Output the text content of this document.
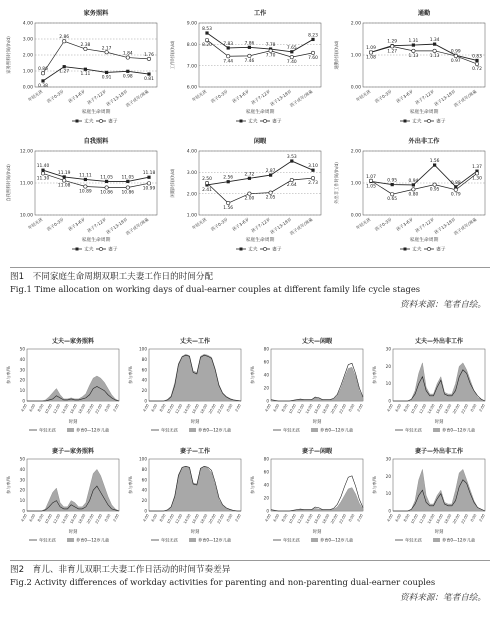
家务照料
0.00
1.00
2.00
3.00
4.00
家务照料时间/(h/d)
年轻无孩 孩子0-3岁 孩子3-6岁 孩子7-12岁
孩子13-18岁
孩子成年/离巢
家庭生命周期
丈夫	妻子
0.38
1.27
1.11
0.91	0.98
0.81
0.86
2.86
2.38
2.17
1.84	1.76
工作
6.00
7.00
8.00
9.00
工作时间/(h/d)
年轻无孩 孩子0-3岁 孩子3-6岁 孩子7-12岁
孩子13-18岁
孩子成年/离巢
家庭生命周期
丈夫	妻子
8.53
7.83	7.86	7.78
7.65
8.23
8.20
7.44	7.46
7.70
7.40
7.60
通勤
0.00
1.00
2.00
通勤时间/(h/d)
年轻无孩 孩子0-3岁 孩子3-6岁 孩子7-12岁
孩子13-18岁
孩子成年/离巢
家庭生命周期
丈夫	妻子
1.09
1.29	1.31	1.34
0.99
0.83
1.08
1.27
1.13	1.13
0.97
0.72
自我照料
10.00
11.00
12.00
自我照料时间/(h/d)
年轻无孩 孩子0-3岁 孩子3-6岁 孩子7-12岁
孩子13-18岁
孩子成年/离巢
家庭生命周期
丈夫	妻子
11.40
11.19
11.11 11.05 11.05
11.18
11.30
11.08
10.89 10.86 10.86
10.99
闲暇
1.00
2.00
3.00
4.00
闲暇时间/(h/d)
年轻无孩 孩子0-3岁 孩子3-6岁 孩子7-12岁
孩子13-18岁
孩子成年/离巢
家庭生命周期
丈夫	妻子
2.41
2.56
2.72
2.87
3.53
3.10
2.50
1.56
2.00	2.05
2.64	2.73
外出非工作
0.00
1.00
2.00
外出非工作时间/(h/d)
年轻无孩 孩子0-3岁 孩子3-6岁 孩子7-12岁
孩子13-18岁
孩子成年/离巢
家庭生命周期
丈夫	妻子
1.05
0.95	0.94
1.56
0.88
1.37
1.07
0.65
0.80
0.95
0.79
1.30
图1　不同家庭生命周期双职工夫妻工作日的时间分配
Fig.1 Time allocation on working days of dual-earner couples at different family life cycle stages
资料来源：笔者自绘。
丈夫—家务照料
0
10
20
30
40
50
参与率/%
4:00 6:00 8:00 10:00 12:00 14:00 16:00 18:00 20:00 22:00 0:00 2:00
时刻
年轻无孩	养育0—12岁儿童
丈夫—工作
0
20
40
60
80
100
参与率/%
4:00 6:00 8:00 10:00 12:00 14:00 16:00 18:00 20:00 22:00 0:00 2:00
时刻
年轻无孩	养育0—12岁儿童
丈夫—闲暇
0
20
40
60
80
参与率/%
4:00 6:00 8:00 10:00 12:00 14:00 16:00 18:00 20:00 22:00 0:00 2:00
时刻
年轻无孩	养育0—12岁儿童
丈夫—外出非工作
0
10
20
30
参与率/%
4:00 6:00 8:00 10:00 12:00 14:00 16:00 18:00 20:00 22:00 0:00 2:00
时刻
年轻无孩	养育0—12岁儿童
妻子—家务照料
0
10
20
30
40
50
参与率/%
4:00 6:00 8:00 10:00 12:00 14:00 16:00 18:00 20:00 22:00 0:00 2:00
时刻
年轻无孩	养育0—12岁儿童
妻子—工作
0
20
40
60
80
100
参与率/%
4:00 6:00 8:00 10:00 12:00 14:00 16:00 18:00 20:00 22:00 0:00 2:00
时刻
年轻无孩	养育0—12岁儿童
妻子—闲暇
0
20
40
60
80
参与率/%
4:00 6:00 8:00 10:00 12:00 14:00 16:00 18:00 20:00 22:00 0:00 2:00
时刻
年轻无孩	养育0—12岁儿童
妻子—外出非工作
0
10
20
30
参与率/%
4:00 6:00 8:00 10:00 12:00 14:00 16:00 18:00 20:00 22:00 0:00 2:00
时刻
年轻无孩	养育0—12岁儿童
图2　育儿、非育儿双职工夫妻工作日活动的时间节奏差异
Fig.2 Activity differences of workday activities for parenting and non-parenting dual-earner couples
资料来源：笔者自绘。
